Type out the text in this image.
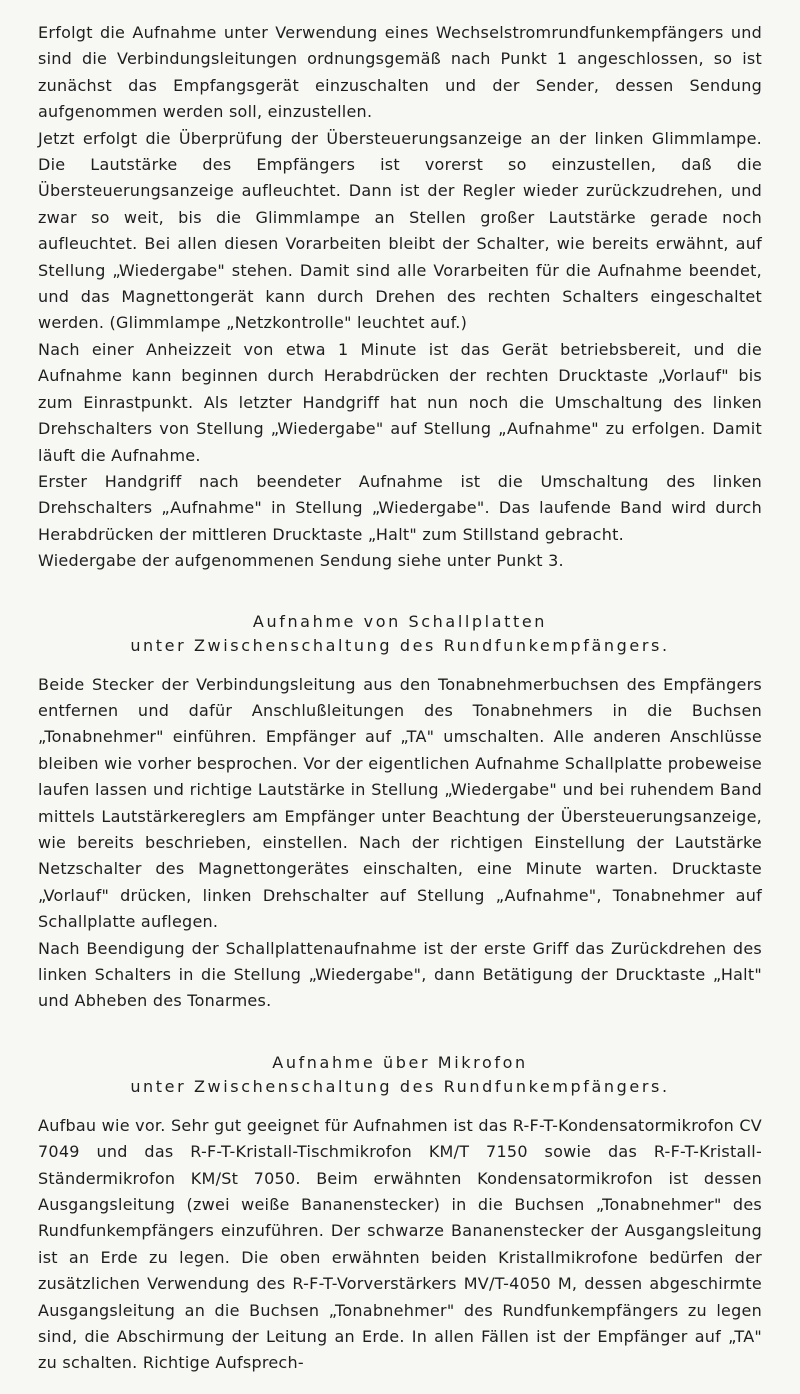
Erfolgt die Aufnahme unter Verwendung eines Wechselstromrundfunkempfängers und sind die Verbindungsleitungen ordnungsgemäß nach Punkt 1 angeschlossen, so ist zunächst das Empfangsgerät einzuschalten und der Sender, dessen Sendung aufgenommen werden soll, einzustellen.

Jetzt erfolgt die Überprüfung der Übersteuerungsanzeige an der linken Glimmlampe. Die Lautstärke des Empfängers ist vorerst so einzustellen, daß die Übersteuerungsanzeige aufleuchtet. Dann ist der Regler wieder zurückzudrehen, und zwar so weit, bis die Glimmlampe an Stellen großer Lautstärke gerade noch aufleuchtet. Bei allen diesen Vorarbeiten bleibt der Schalter, wie bereits erwähnt, auf Stellung „Wiedergabe" stehen. Damit sind alle Vorarbeiten für die Aufnahme beendet, und das Magnettongerät kann durch Drehen des rechten Schalters eingeschaltet werden. (Glimmlampe „Netzkontrolle" leuchtet auf.)

Nach einer Anheizzeit von etwa 1 Minute ist das Gerät betriebsbereit, und die Aufnahme kann beginnen durch Herabdrücken der rechten Drucktaste „Vorlauf" bis zum Einrastpunkt. Als letzter Handgriff hat nun noch die Umschaltung des linken Drehschalters von Stellung „Wiedergabe" auf Stellung „Aufnahme" zu erfolgen. Damit läuft die Aufnahme.

Erster Handgriff nach beendeter Aufnahme ist die Umschaltung des linken Drehschalters „Aufnahme" in Stellung „Wiedergabe". Das laufende Band wird durch Herabdrücken der mittleren Drucktaste „Halt" zum Stillstand gebracht.

Wiedergabe der aufgenommenen Sendung siehe unter Punkt 3.

Aufnahme von Schallplatten

unter Zwischenschaltung des Rundfunkempfängers.

Beide Stecker der Verbindungsleitung aus den Tonabnehmerbuchsen des Empfängers entfernen und dafür Anschlußleitungen des Tonabnehmers in die Buchsen „Tonabnehmer" einführen. Empfänger auf „TA" umschalten. Alle anderen Anschlüsse bleiben wie vorher besprochen. Vor der eigentlichen Aufnahme Schallplatte probeweise laufen lassen und richtige Lautstärke in Stellung „Wiedergabe" und bei ruhendem Band mittels Lautstärkereglers am Empfänger unter Beachtung der Übersteuerungsanzeige, wie bereits beschrieben, einstellen. Nach der richtigen Einstellung der Lautstärke Netzschalter des Magnettongerätes einschalten, eine Minute warten. Drucktaste „Vorlauf" drücken, linken Drehschalter auf Stellung „Aufnahme", Tonabnehmer auf Schallplatte auflegen.

Nach Beendigung der Schallplattenaufnahme ist der erste Griff das Zurückdrehen des linken Schalters in die Stellung „Wiedergabe", dann Betätigung der Drucktaste „Halt" und Abheben des Tonarmes.

Aufnahme über Mikrofon

unter Zwischenschaltung des Rundfunkempfängers.

Aufbau wie vor. Sehr gut geeignet für Aufnahmen ist das R-F-T-Kondensatormikrofon CV 7049 und das R-F-T-Kristall-Tischmikrofon KM/T 7150 sowie das R-F-T-Kristall-Ständermikrofon KM/St 7050. Beim erwähnten Kondensatormikrofon ist dessen Ausgangsleitung (zwei weiße Bananenstecker) in die Buchsen „Tonabnehmer" des Rundfunkempfängers einzuführen. Der schwarze Bananenstecker der Ausgangsleitung ist an Erde zu legen. Die oben erwähnten beiden Kristallmikrofone bedürfen der zusätzlichen Verwendung des R-F-T-Vorverstärkers MV/T-4050 M, dessen abgeschirmte Ausgangsleitung an die Buchsen „Tonabnehmer" des Rundfunkempfängers zu legen sind, die Abschirmung der Leitung an Erde. In allen Fällen ist der Empfänger auf „TA" zu schalten. Richtige Aufsprech-
